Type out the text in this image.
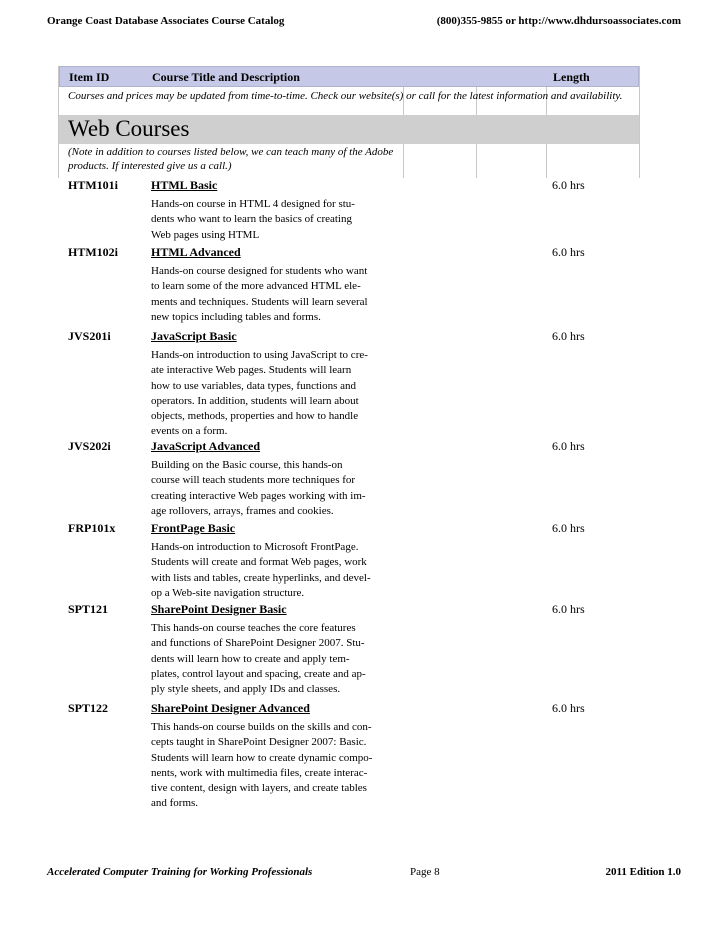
Orange Coast Database Associates Course Catalog	(800)355-9855 or http://www.dhdursoassociates.com
Item ID	Course Title and Description	Length
Courses and prices may be updated from time-to-time. Check our website(s) or call for the latest information and availability.
Web Courses
(Note in addition to courses listed below, we can teach many of the Adobe products. If interested give us a call.)
HTM101i	HTML Basic	6.0 hrs
Hands-on course in HTML 4 designed for stu-
dents who want to learn the basics of creating
Web pages using HTML
HTM102i	HTML Advanced	6.0 hrs
Hands-on course designed for students who want
to learn some of the more advanced HTML ele-
ments and techniques. Students will learn several
new topics including tables and forms.
JVS201i	JavaScript Basic	6.0 hrs
Hands-on introduction to using JavaScript to cre-
ate interactive Web pages. Students will learn
how to use variables, data types, functions and
operators. In addition, students will learn about
objects, methods, properties and how to handle
events on a form.
JVS202i	JavaScript Advanced	6.0 hrs
Building on the Basic course, this hands-on
course will teach students more techniques for
creating interactive Web pages working with im-
age rollovers, arrays, frames and cookies.
FRP101x	FrontPage Basic	6.0 hrs
Hands-on introduction to Microsoft FrontPage.
Students will create and format Web pages, work
with lists and tables, create hyperlinks, and devel-
op a Web-site navigation structure.
SPT121	SharePoint Designer Basic	6.0 hrs
This hands-on course teaches the core features
and functions of SharePoint Designer 2007. Stu-
dents will learn how to create and apply tem-
plates, control layout and spacing, create and ap-
ply style sheets, and apply IDs and classes.
SPT122	SharePoint Designer Advanced	6.0 hrs
This hands-on course builds on the skills and con-
cepts taught in SharePoint Designer 2007: Basic.
Students will learn how to create dynamic compo-
nents, work with multimedia files, create interac-
tive content, design with layers, and create tables
and forms.
Accelerated Computer Training for Working Professionals	Page 8	2011 Edition 1.0
